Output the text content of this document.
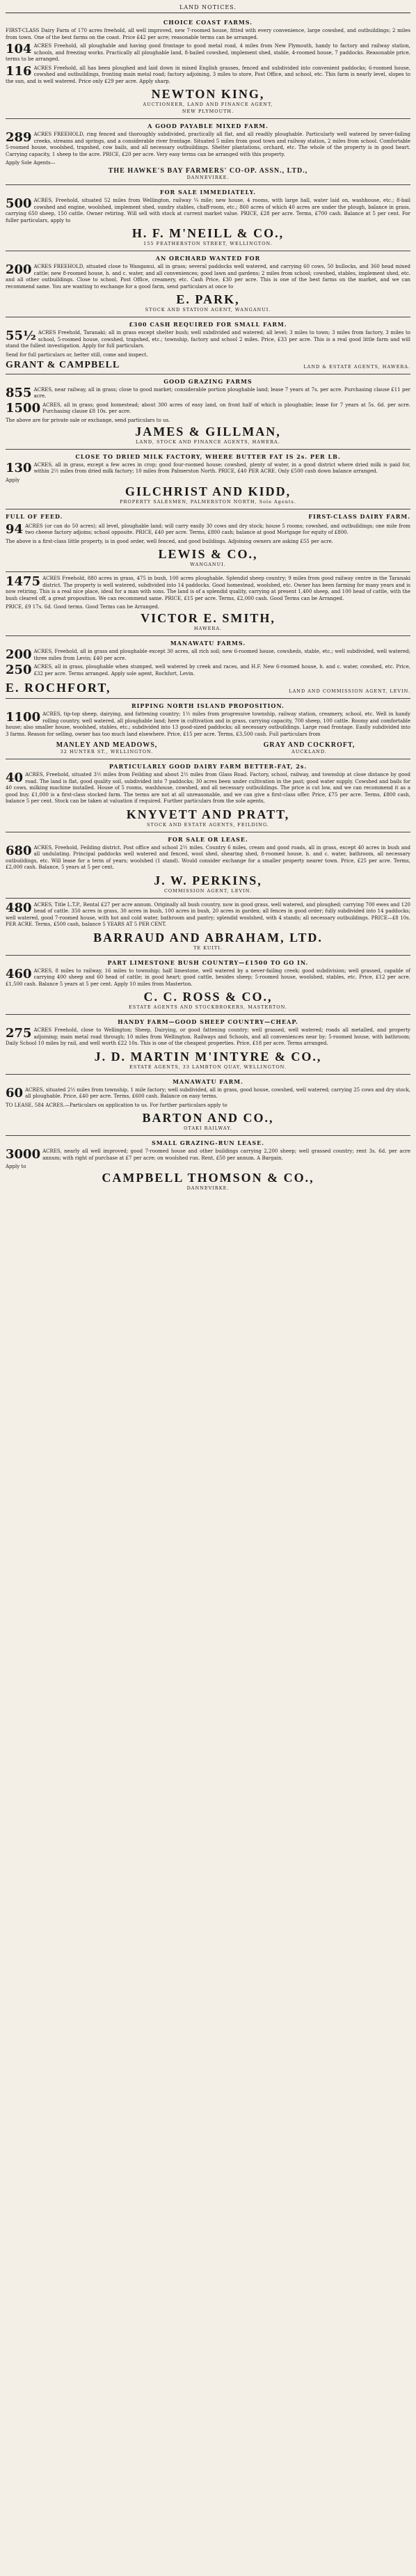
LAND NOTICES.
CHOICE COAST FARMS.
FIRST-CLASS Dairy Farm of 170 acres freehold, all well improved, new 7-roomed house, fitted with every convenience, large cowshed, and outbuildings; 2 miles from town. One of the best farms on the coast. Price £42 per acre; reasonable terms can be arranged.
104 ACRES Freehold, all ploughable and having good frontage to good metal road, 4 miles from New Plymouth, handy to factory and railway station, schools, and freezing works. Practically all ploughable land, 8-bailed cowshed, implement shed, stable, 4-roomed house, 7 paddocks. Reasonable price, terms to be arranged.
116 ACRES Freehold, all has been ploughed and laid down in mixed English grasses, fenced and subdivided into convenient paddocks; 6-roomed house, cowshed and outbuildings, fronting main metal road; factory adjoining, 3 miles to store, Post Office, and school, etc. This farm is nearly level, slopes to the sun, and is well watered. Price only £29 per acre. Apply sharp.
NEWTON KING,
AUCTIONEER, LAND AND FINANCE AGENT,
NEW PLYMOUTH.
A GOOD PAYABLE MIXED FARM.
289 ACRES FREEHOLD, ring fenced and thoroughly subdivided, practically all flat, and all readily ploughable. Particularly well watered by never-failing creeks, streams and springs, and a considerable river frontage. Situated 5 miles from good town and railway station, 2 miles from school. Comfortable 5-roomed house, woolshed, trapshed, cow bails, and all necessary outbuildings. Shelter plantations, orchard, etc. The whole of the property is in good heart. Carrying capacity, 1 sheep to the acre. PRICE, £20 per acre. Very easy terms can be arranged with this property.
Apply Sole Agents—
THE HAWKE'S BAY FARMERS' CO-OP. ASSN., LTD.,
DANNEVIRKE.
FOR SALE IMMEDIATELY.
500 ACRES, Freehold, situated 52 miles from Wellington, railway ¼ mile; new house, 4 rooms, with large hall, water laid on, washhouse, etc.; 8-bail cowshed and engine, woolshed, implement shed, sundry stables, chaff-room, etc.; 860 acres of which 40 acres are under the plough, balance in grass, carrying 650 sheep, 150 cattle. Owner retiring. Will sell with stock at current market value. PRICE, £28 per acre. Terms, £700 cash. Balance at 5 per cent. For fuller particulars, apply to
H. F. M'NEILL & CO.,
155 FEATHERSTON STREET, WELLINGTON.
AN ORCHARD WANTED FOR
200 ACRES FREEHOLD, situated close to Wanganui, all in grass; several paddocks well watered, and carrying 60 cows, 50 bullocks, and 360 head mixed cattle; new 8-roomed house, h. and c. water, and all conveniences; good lawn and gardens; 2 miles from school; cowshed, stables, implement shed, etc. and all other outbuildings. Close to school, Post Office, creamery, etc. Cash Price, £30 per acre. This is one of the best farms on the market, and we can recommend same. You are wanting to exchange for a good farm, send particulars at once to
E. PARK,
STOCK AND STATION AGENT, WANGANUI.
£300 CASH REQUIRED FOR SMALL FARM.
55½ ACRES Freehold, Taranaki; all in grass except shelter bush; well subdivided and watered; all level; 3 miles to town; 3 miles from factory, 3 miles to school, 5-roomed house, cowshed, trapshed, etc.; township, factory and school 2 miles. Price, £33 per acre. This is a real good little farm and will stand the fullest investigation. Apply for full particulars.
Send for full particulars or, better still, come and inspect.
GRANT & CAMPBELL	LAND & ESTATE AGENTS, HAWERA.
GOOD GRAZING FARMS
855 ACRES, near railway, all in grass; close to good market; considerable portion ploughable land; lease 7 years at 7s. per acre. Purchasing clause £11 per acre.
1500 ACRES, all in grass; good homestead; about 300 acres of easy land, on front half of which is ploughable; lease for 7 years at 5s. 6d. per acre. Purchasing clause £8 10s. per acre.
The above are for private sale or exchange, send particulars to us.
JAMES & GILLMAN,
LAND, STOCK AND FINANCE AGENTS, HAWERA.
CLOSE TO DRIED MILK FACTORY, WHERE BUTTER FAT IS 2s. PER LB.
130 ACRES, all in grass, except a few acres in crop; good four-roomed house; cowshed, plenty of water, in a good district where dried milk is paid for, within 2½ miles from dried milk factory; 10 miles from Palmerston North. PRICE, £40 PER ACRE. Only £500 cash down balance arranged.
Apply
GILCHRIST AND KIDD,
PROPERTY SALESMEN, PALMERSTON NORTH, Sole Agents.
FULL OF FEED.	FIRST-CLASS DAIRY FARM.
94 ACRES (or can do 50 acres); all level, ploughable land; will carry easily 30 cows and dry stock; house 5 rooms; cowshed, and outbuildings; one mile from two cheese factory adjoins; school opposite. PRICE, £40 per acre. Terms, £800 cash; balance at good Mortgage for equity of £800.
The above is a first-class little property, is in good order, well fenced, and good buildings. Adjoining owners are asking £55 per acre.
LEWIS & CO.,
WANGANUI.
1475 ACRES Freehold, 880 acres in grass, 475 in bush, 100 acres ploughable. Splendid sheep country; 9 miles from good railway centre in the Taranaki district. The property is well watered, subdivided into 14 paddocks. Good homestead, woolshed, etc. Owner has been farming for many years and is now retiring. This is a real nice place, ideal for a man with sons. The land is of a splendid quality, carrying at present 1,400 sheep, and 100 head of cattle, with the bush cleared off, a great proposition. We can recommend same. PRICE, £15 per acre. Terms, £2,000 cash. Good Terms can be Arranged.
PRICE, £9 17s. 6d. Good terms. Good Terms can be Arranged.
VICTOR E. SMITH,
HAWERA.
MANAWATU FARMS.
200 ACRES, Freehold, all in grass and ploughable except 30 acres, all rich soil; new 6-roomed house, cowsheds, stable, etc.; well subdivided, well watered; three miles from Levin; £40 per acre.
250 ACRES, all in grass, ploughable when stumped, well watered by creek and races, and H.F. New 6-roomed house, h. and c. water, cowshed, etc. Price, £32 per acre. Terms arranged. Apply sole agent, Rochfort, Levin.
E. ROCHFORT,	LAND AND COMMISSION AGENT, LEVIN.
RIPPING NORTH ISLAND PROPOSITION.
1100 ACRES, tip-top sheep, dairying, and fattening country; 1½ miles from progressive township, railway station, creamery, school, etc. Well in handy rolling country, well watered, all ploughable land; here in cultivation and in grass, carrying capacity, 700 sheep, 100 cattle. Roomy and comfortable house; also smaller house, woolshed, stables, etc.; subdivided into 13 good-sized paddocks; all necessary outbuildings. Large road frontage. Easily subdivided into 3 farms. Reason for selling, owner has too much land elsewhere. Price, £15 per acre. Terms, £3,500 cash. Full particulars from
MANLEY AND MEADOWS,
32 HUNTER ST., WELLINGTON.
GRAY AND COCKROFT,
AUCKLAND.
PARTICULARLY GOOD DAIRY FARM BETTER-FAT, 2s.
40 ACRES, Freehold, situated 3½ miles from Feilding and about 2½ miles from Glass Road. Factory, school, railway, and township at close distance by good road. The land is flat, good quality soil, subdivided into 7 paddocks; 30 acres been under cultivation in the past; good water supply. Cowshed and bails for 40 cows, milking machine installed. House of 5 rooms, washhouse, cowshed, and all necessary outbuildings. The price is cut low, and we can recommend it as a good buy. £1,000 is a first-class stocked farm. The terms are not at all unreasonable, and we can give a first-class offer. Price, £75 per acre. Terms, £800 cash, balance 5 per cent. Stock can be taken at valuation if required. Further particulars from the sole agents,
KNYVETT AND PRATT,
STOCK AND ESTATE AGENTS, FEILDING.
FOR SALE OR LEASE.
680 ACRES, Freehold, Feilding district. Post office and school 2½ miles. Country 6 miles, cream and good roads, all in grass, except 40 acres in bush and all undulating. Principal paddocks well watered and fenced, wool shed, shearing shed, 8-roomed house, h. and c. water, bathroom, all necessary outbuildings, etc. Will lease for a term of years; woolshed (1 stand). Would consider exchange for a smaller property nearer town. Price, £25 per acre. Terms, £2,000 cash. Balance, 5 years at 5 per cent.
J. W. PERKINS,
COMMISSION AGENT, LEVIN.
480 ACRES, Title L.T.P., Rental £27 per acre annum. Originally all bush country, now in good grass, well watered, and ploughed; carrying 700 ewes and 120 head of cattle. 350 acres in grass, 30 acres in bush, 100 acres in bush, 20 acres in garden; all fences in good order; fully subdivided into 14 paddocks; well watered, good 7-roomed house, with hot and cold water, bathroom and pantry; splendid woolshed, with 4 stands; all necessary outbuildings. PRICE—£8 10s. PER ACRE. Terms, £500 cash, balance 5 YEARS AT 5 PER CENT.
BARRAUD AND ABRAHAM, LTD.
TE KUITI.
PART LIMESTONE BUSH COUNTRY—£1500 TO GO IN.
460 ACRES, 8 miles to railway, 16 miles to township; half limestone, well watered by a never-failing creek; good subdivision; well grassed, capable of carrying 400 sheep and 60 head of cattle; in good heart; good cattle, besides sheep; 5-roomed house, woolshed, stables, etc. Price, £12 per acre. £1,500 cash. Balance 5 years at 5 per cent. Apply 10 miles from Masterton.
C. C. ROSS & CO.,
ESTATE AGENTS AND STOCKBROKERS, MASTERTON.
HANDY FARM—GOOD SHEEP COUNTRY—CHEAP.
275 ACRES Freehold, close to Wellington; Sheep, Dairying, or good fattening country; well grassed, well watered; roads all metalled, and property adjoining; main metal road through; 10 miles from Wellington. Railways and Schools, and all conveniences near by; 5-roomed house, with bathroom; Daily School 10 miles by rail, and well worth £22 10s. This is one of the cheapest properties. Price, £18 per acre. Terms arranged.
J. D. MARTIN M'INTYRE & CO.,
ESTATE AGENTS, 33 LAMBTON QUAY, WELLINGTON.
MANAWATU FARM.
60 ACRES, situated 2½ miles from township, 1 mile factory; well subdivided, all in grass, good house, cowshed, well watered; carrying 25 cows and dry stock, all ploughable. Price, £40 per acre. Terms, £600 cash. Balance on easy terms.
TO LEASE, 584 ACRES.—Particulars on application to us. For further particulars apply to
BARTON AND CO.,
OTAKI RAILWAY.
SMALL GRAZING-RUN LEASE.
3000 ACRES, nearly all well improved; good 7-roomed house and other buildings carrying 2,200 sheep; well grassed country; rent 3s. 6d. per acre annum; with right of purchase at £7 per acre; on woolshed run. Rent, £50 per annum. A Bargain.
Apply to
CAMPBELL THOMSON & CO.,
DANNEVIRKE.
